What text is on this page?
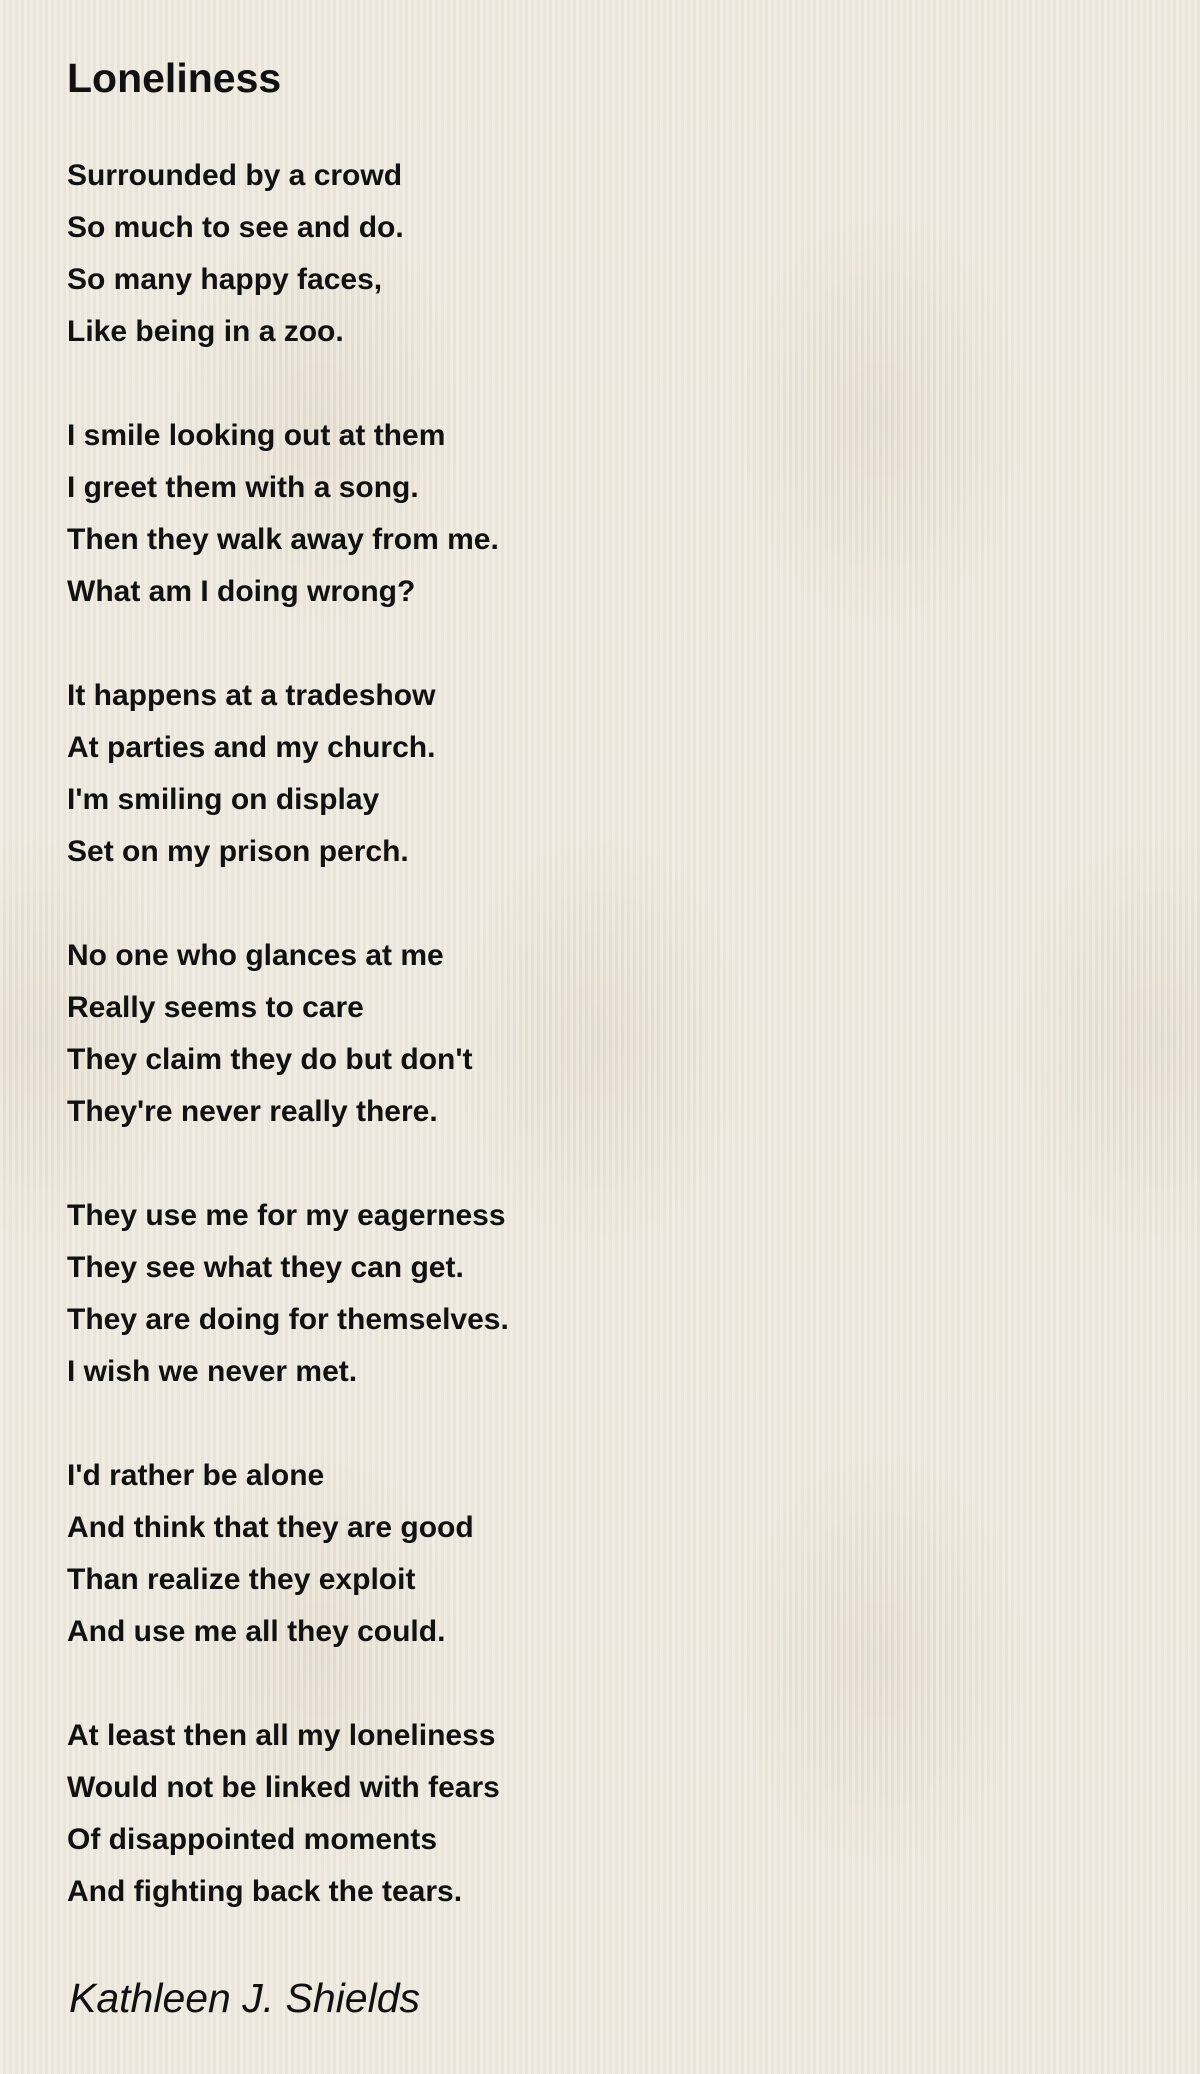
Loneliness
Surrounded by a crowd
So much to see and do.
So many happy faces,
Like being in a zoo.
I smile looking out at them
I greet them with a song.
Then they walk away from me.
What am I doing wrong?
It happens at a tradeshow
At parties and my church.
I'm smiling on display
Set on my prison perch.
No one who glances at me
Really seems to care
They claim they do but don't
They're never really there.
They use me for my eagerness
They see what they can get.
They are doing for themselves.
I wish we never met.
I'd rather be alone
And think that they are good
Than realize they exploit
And use me all they could.
At least then all my loneliness
Would not be linked with fears
Of disappointed moments
And fighting back the tears.
Kathleen J. Shields
